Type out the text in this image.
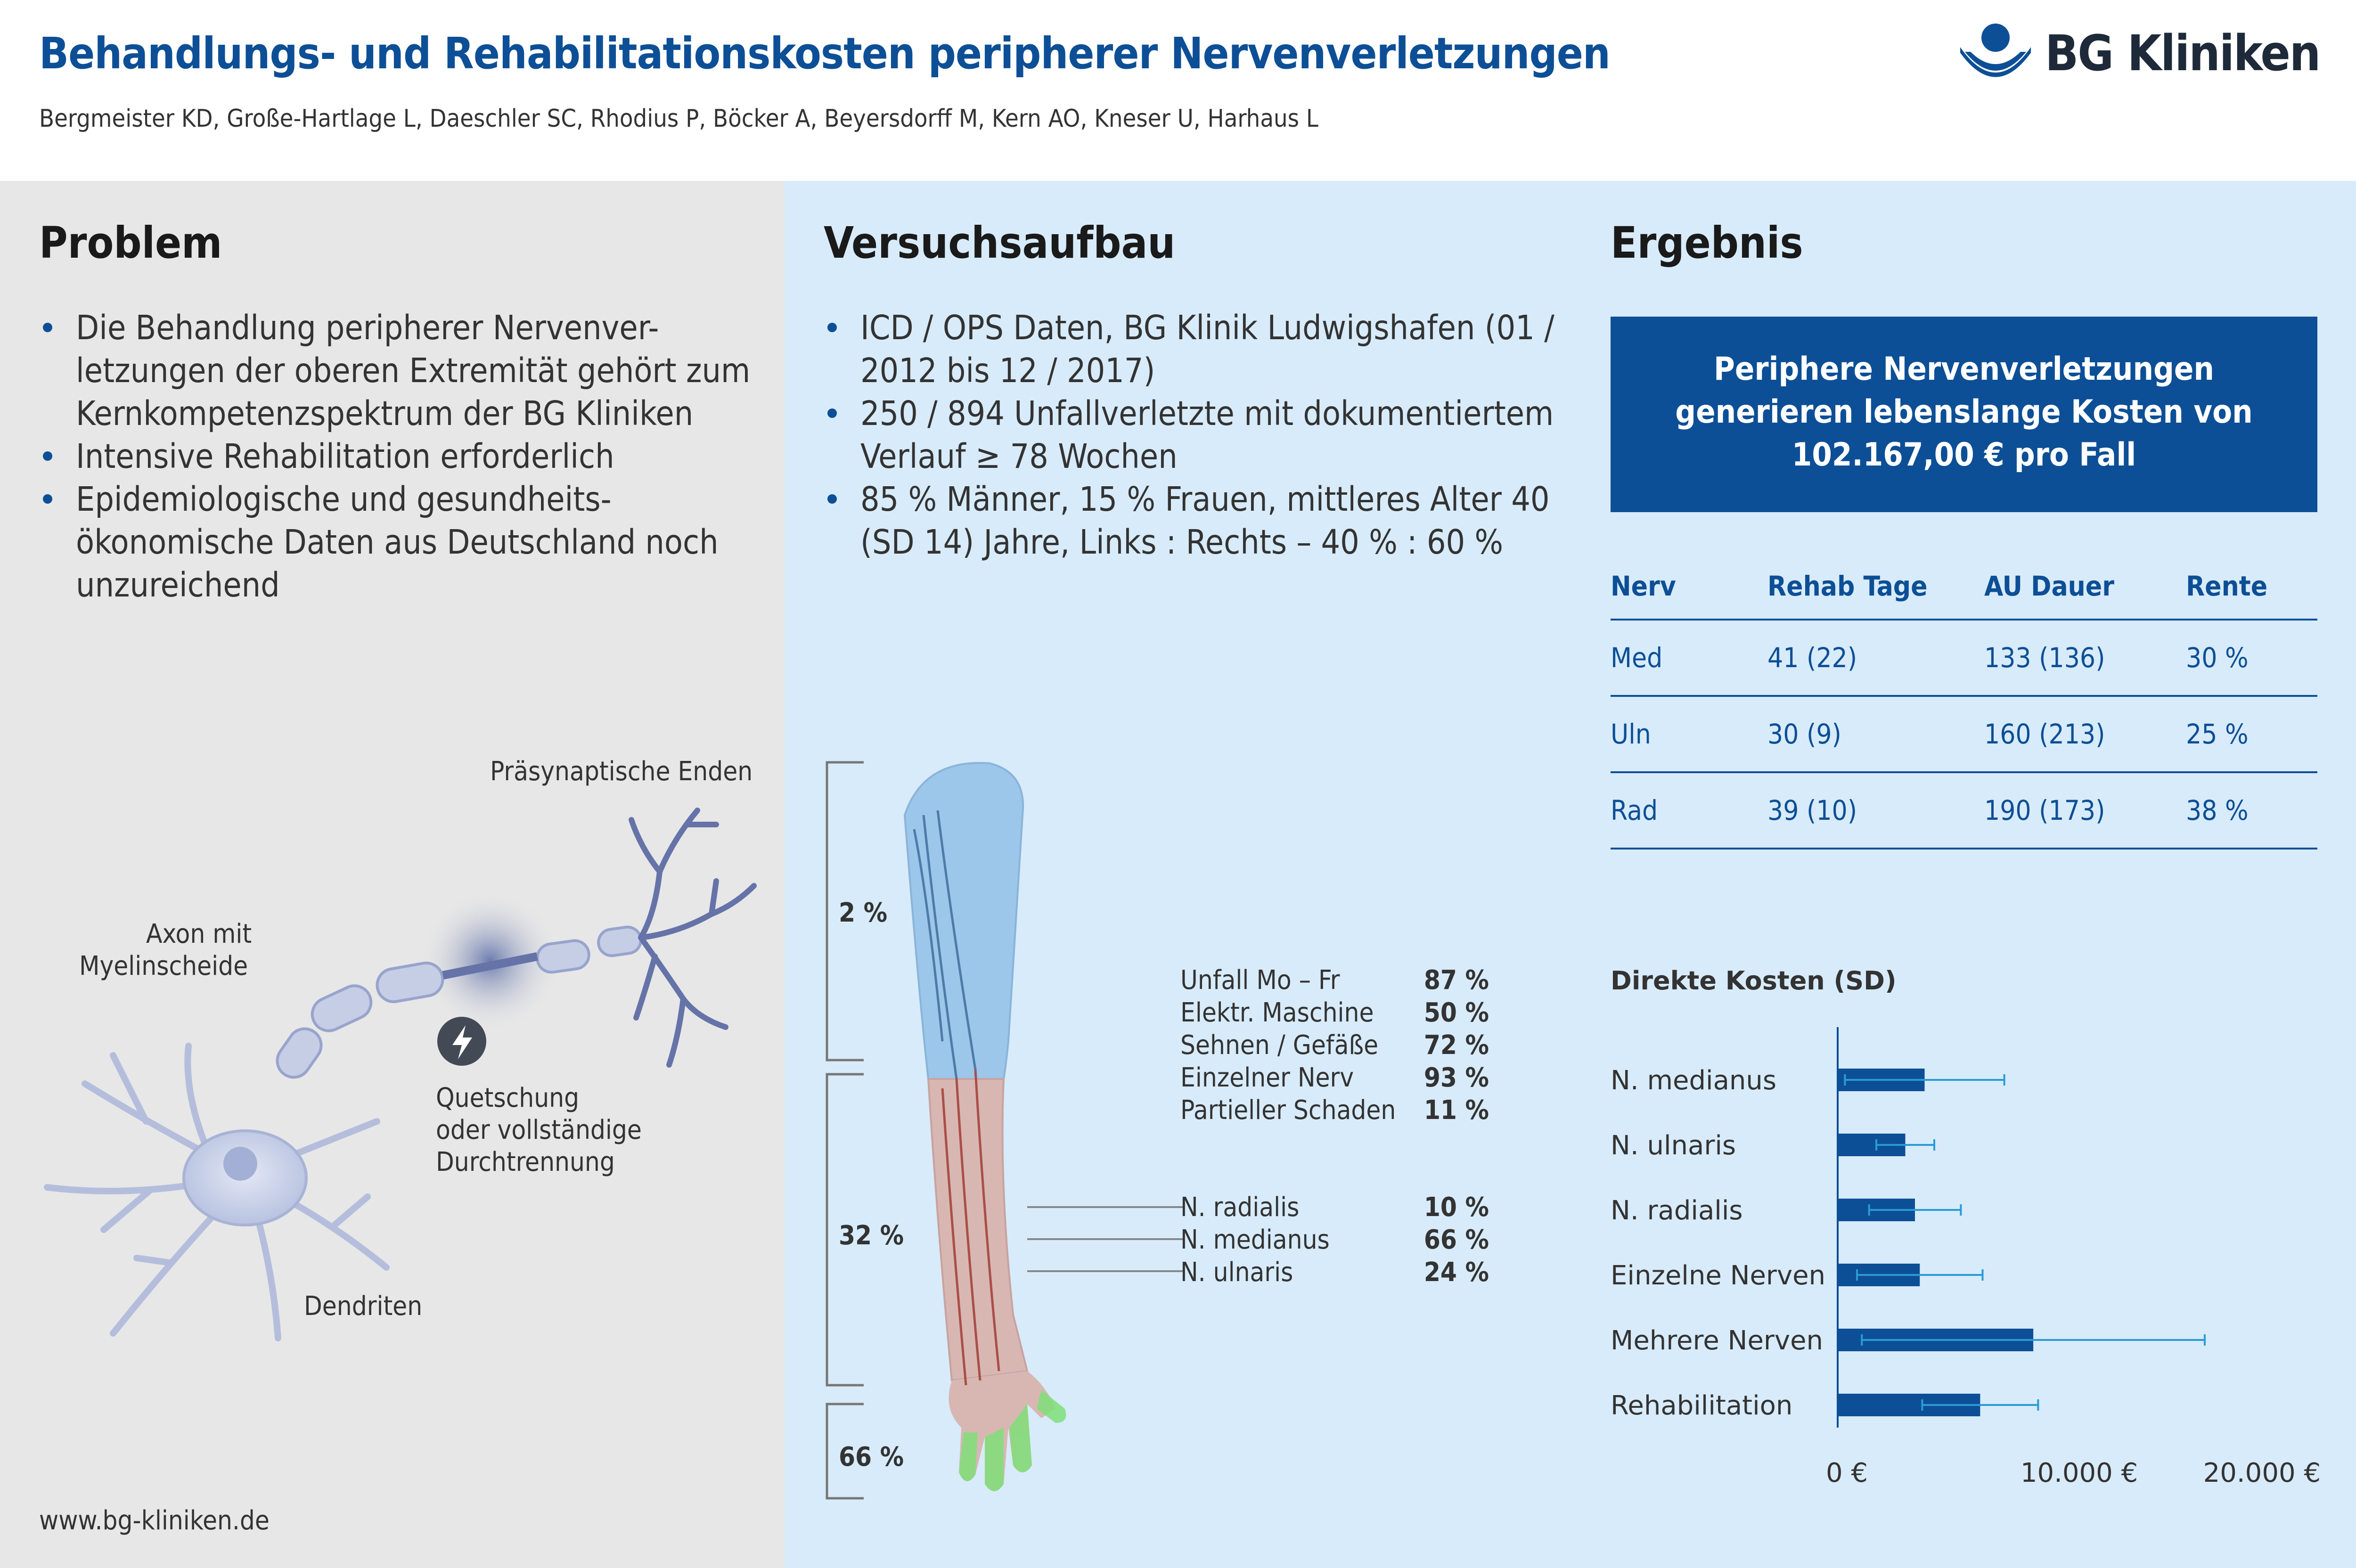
Behandlungs- und Rehabilitationskosten peripherer Nervenverletzungen
Bergmeister KD, Große-Hartlage L, Daeschler SC, Rhodius P, Böcker A, Beyersdorff M, Kern AO, Kneser U, Harhaus L
BG Kliniken
Problem
Die Behandlung peripherer Nervenver-letzungen der oberen Extremität gehört zum Kernkompetenzspektrum der BG Kliniken
Intensive Rehabilitation erforderlich
Epidemiologische und gesundheits-ökonomische Daten aus Deutschland noch unzureichend
Präsynaptische Enden
Axon mit
Myelinscheide
Quetschung
oder vollständige
Durchtrennung
Dendriten
www.bg-kliniken.de
Versuchsaufbau
ICD / OPS Daten, BG Klinik Ludwigshafen (01 / 2012 bis 12 / 2017)
250 / 894 Unfallverletzte mit dokumentiertem Verlauf ≥ 78 Wochen
85 % Männer, 15 % Frauen, mittleres Alter 40 (SD 14) Jahre, Links : Rechts – 40 % : 60 %
2 %
32 %
66 %
Unfall Mo – Fr	87 %
Elektr. Maschine	50 %
Sehnen / Gefäße	72 %
Einzelner Nerv	93 %
Partieller Schaden	11 %
N. radialis	10 %
N. medianus	66 %
N. ulnaris	24 %
Ergebnis
Periphere Nervenverletzungen
generieren lebenslange Kosten von
102.167,00 € pro Fall
Nerv	Rehab Tage	AU Dauer	Rente
Med	41 (22)	133 (136)	30 %
Uln	30 (9)	160 (213)	25 %
Rad	39 (10)	190 (173)	38 %
Direkte Kosten (SD)
N. medianus
N. ulnaris
N. radialis
Einzelne Nerven
Mehrere Nerven
Rehabilitation
0 €	10.000 € 20.000 €
